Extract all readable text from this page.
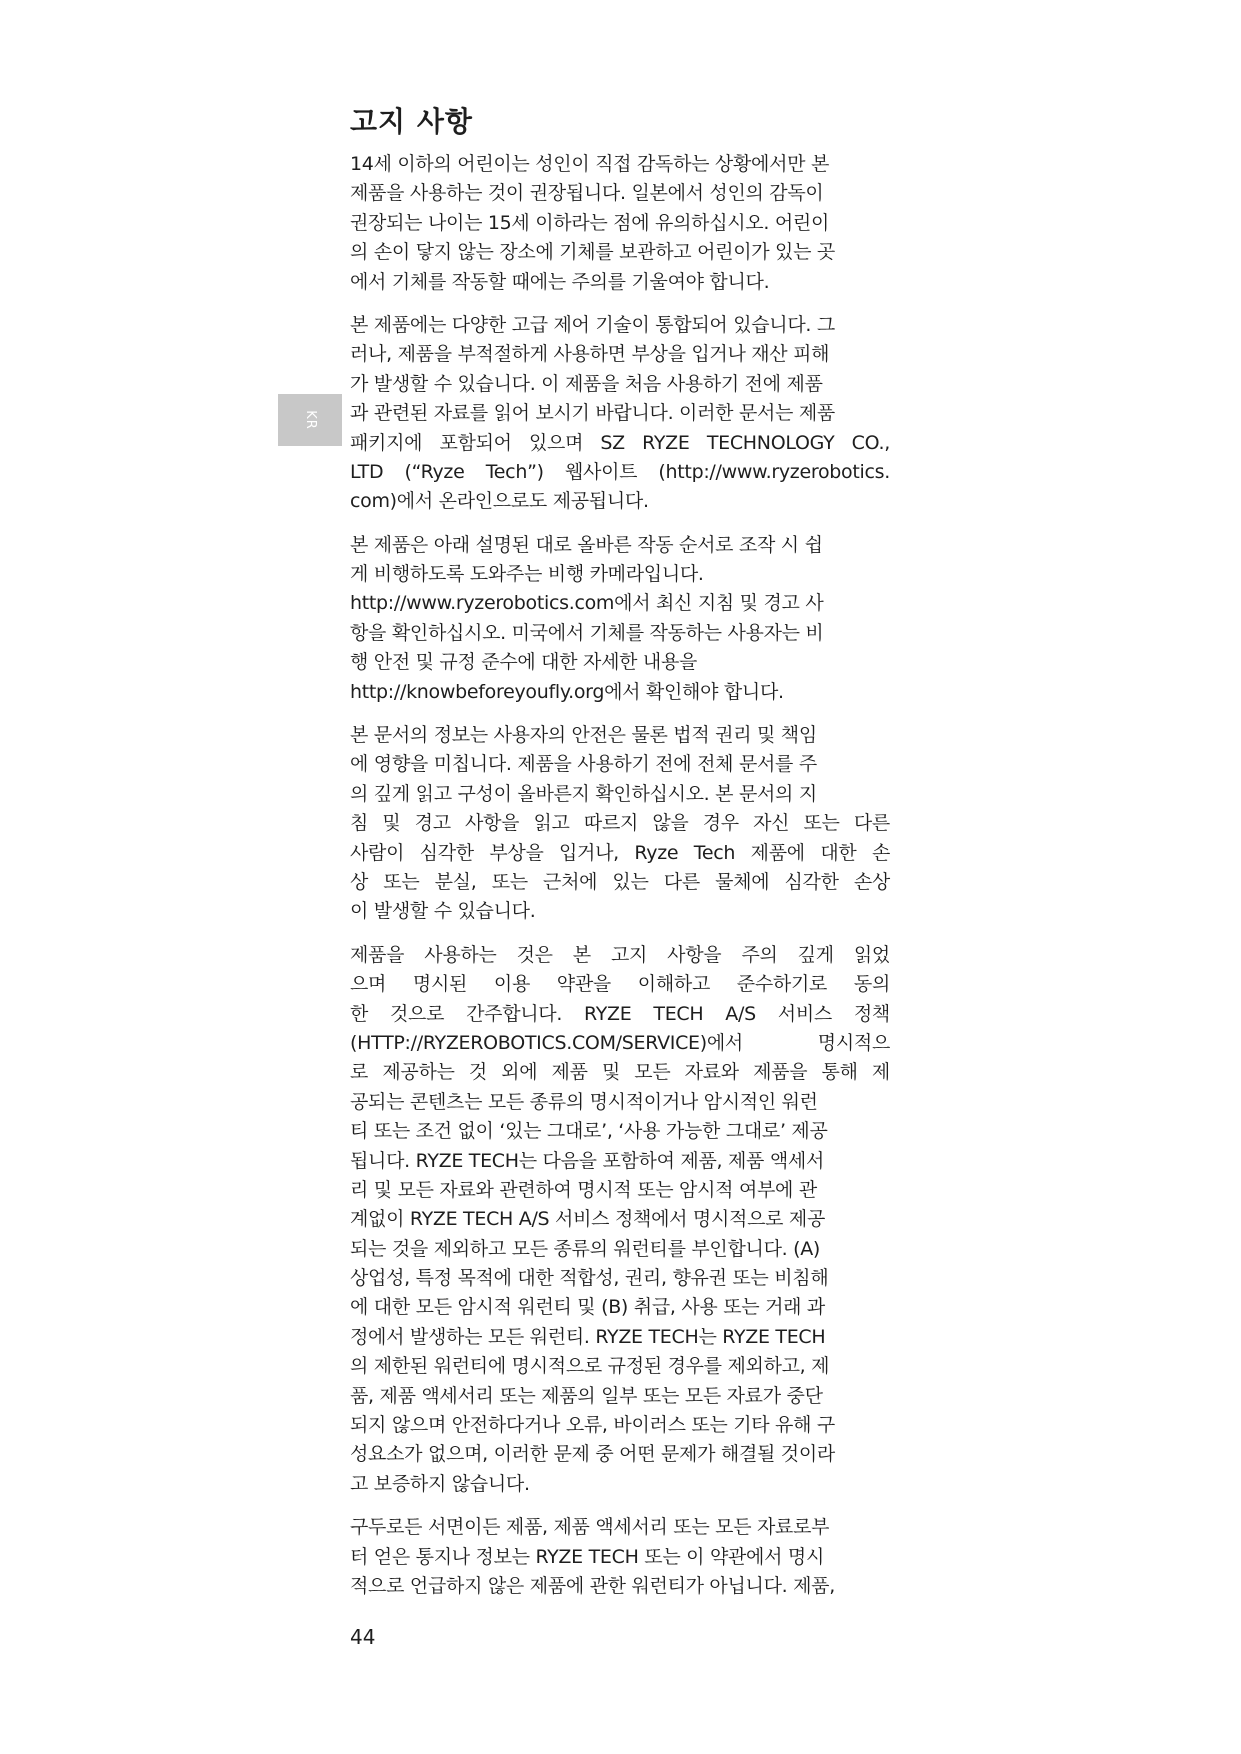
고지 사항
KR
14세 이하의 어린이는 성인이 직접 감독하는 상황에서만 본
제품을 사용하는 것이 권장됩니다. 일본에서 성인의 감독이
권장되는 나이는 15세 이하라는 점에 유의하십시오. 어린이
의 손이 닿지 않는 장소에 기체를 보관하고 어린이가 있는 곳
에서 기체를 작동할 때에는 주의를 기울여야 합니다.
본 제품에는 다양한 고급 제어 기술이 통합되어 있습니다. 그
러나, 제품을 부적절하게 사용하면 부상을 입거나 재산 피해
가 발생할 수 있습니다. 이 제품을 처음 사용하기 전에 제품
과 관련된 자료를 읽어 보시기 바랍니다. 이러한 문서는 제품
패키지에 포함되어 있으며 SZ RYZE TECHNOLOGY CO.,
LTD (“Ryze Tech”) 웹사이트 (http://www.ryzerobotics.
com)에서 온라인으로도 제공됩니다.
본 제품은 아래 설명된 대로 올바른 작동 순서로 조작 시 쉽
게 비행하도록 도와주는 비행 카메라입니다.
http://www.ryzerobotics.com에서 최신 지침 및 경고 사
항을 확인하십시오. 미국에서 기체를 작동하는 사용자는 비
행 안전 및 규정 준수에 대한 자세한 내용을
http://knowbeforeyoufly.org에서 확인해야 합니다.
본 문서의 정보는 사용자의 안전은 물론 법적 권리 및 책임
에 영향을 미칩니다. 제품을 사용하기 전에 전체 문서를 주
의 깊게 읽고 구성이 올바른지 확인하십시오. 본 문서의 지
침 및 경고 사항을 읽고 따르지 않을 경우 자신 또는 다른
사람이 심각한 부상을 입거나, Ryze Tech 제품에 대한 손
상 또는 분실, 또는 근처에 있는 다른 물체에 심각한 손상
이 발생할 수 있습니다.
제품을 사용하는 것은 본 고지 사항을 주의 깊게 읽었
으며 명시된 이용 약관을 이해하고 준수하기로 동의
한 것으로 간주합니다. RYZE TECH A/S 서비스 정책
(HTTP://RYZEROBOTICS.COM/SERVICE)에서 명시적으
로 제공하는 것 외에 제품 및 모든 자료와 제품을 통해 제
공되는 콘텐츠는 모든 종류의 명시적이거나 암시적인 워런
티 또는 조건 없이 ‘있는 그대로’, ‘사용 가능한 그대로’ 제공
됩니다. RYZE TECH는 다음을 포함하여 제품, 제품 액세서
리 및 모든 자료와 관련하여 명시적 또는 암시적 여부에 관
계없이 RYZE TECH A/S 서비스 정책에서 명시적으로 제공
되는 것을 제외하고 모든 종류의 워런티를 부인합니다. (A)
상업성, 특정 목적에 대한 적합성, 권리, 향유권 또는 비침해
에 대한 모든 암시적 워런티 및 (B) 취급, 사용 또는 거래 과
정에서 발생하는 모든 워런티. RYZE TECH는 RYZE TECH
의 제한된 워런티에 명시적으로 규정된 경우를 제외하고, 제
품, 제품 액세서리 또는 제품의 일부 또는 모든 자료가 중단
되지 않으며 안전하다거나 오류, 바이러스 또는 기타 유해 구
성요소가 없으며, 이러한 문제 중 어떤 문제가 해결될 것이라
고 보증하지 않습니다.
구두로든 서면이든 제품, 제품 액세서리 또는 모든 자료로부
터 얻은 통지나 정보는 RYZE TECH 또는 이 약관에서 명시
적으로 언급하지 않은 제품에 관한 워런티가 아닙니다. 제품,
44
